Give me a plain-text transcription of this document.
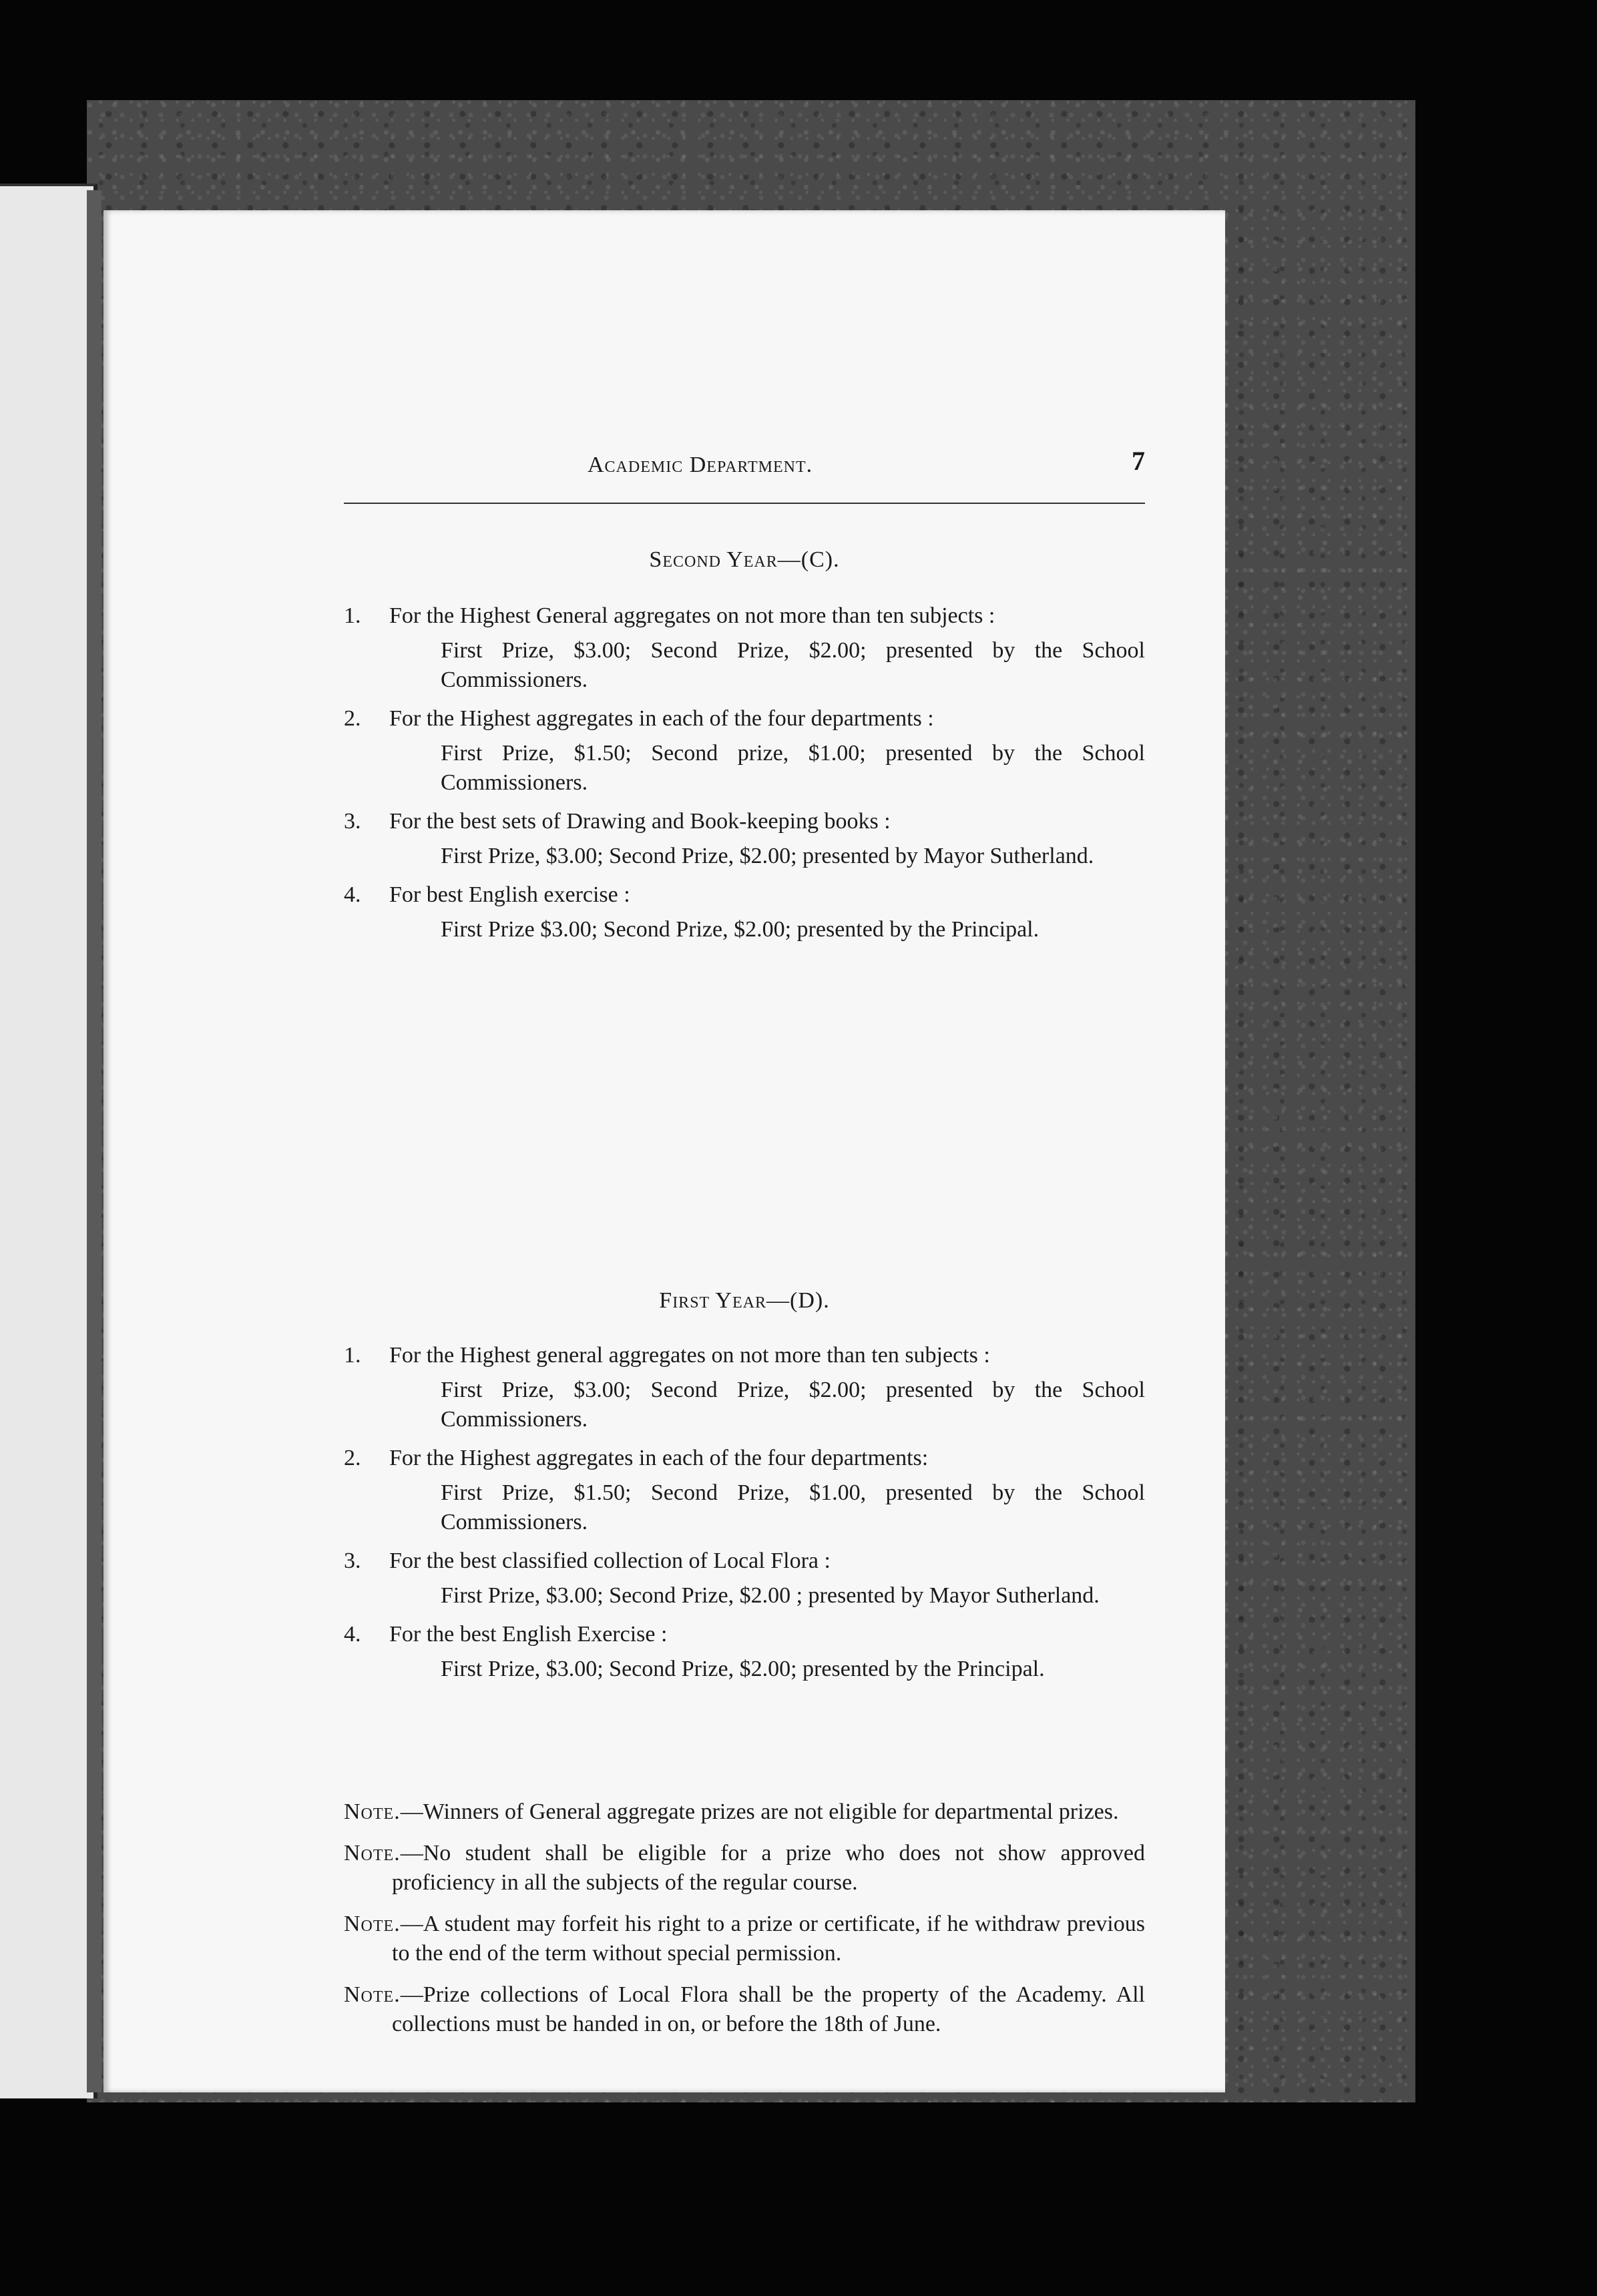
Academic Department.	7
Second Year—(C).
1.	For the Highest General aggregates on not more than ten subjects :
First Prize, $3.00; Second Prize, $2.00; presented by the School Commissioners.
2.	For the Highest aggregates in each of the four departments :
First Prize, $1.50; Second prize, $1.00; presented by the School Commissioners.
3.	For the best sets of Drawing and Book-keeping books :
First Prize, $3.00; Second Prize, $2.00; presented by Mayor Sutherland.
4.	For best English exercise :
First Prize $3.00; Second Prize, $2.00; presented by the Principal.
First Year—(D).
1.	For the Highest general aggregates on not more than ten subjects :
First Prize, $3.00; Second Prize, $2.00; presented by the School Commissioners.
2.	For the Highest aggregates in each of the four departments:
First Prize, $1.50; Second Prize, $1.00, presented by the School Commissioners.
3.	For the best classified collection of Local Flora :
First Prize, $3.00; Second Prize, $2.00 ; presented by Mayor Sutherland.
4.	For the best English Exercise :
First Prize, $3.00; Second Prize, $2.00; presented by the Principal.
Note.—Winners of General aggregate prizes are not eligible for departmental prizes.
Note.—No student shall be eligible for a prize who does not show approved proficiency in all the subjects of the regular course.
Note.—A student may forfeit his right to a prize or certificate, if he withdraw previous to the end of the term without special permission.
Note.—Prize collections of Local Flora shall be the property of the Academy. All collections must be handed in on, or before the 18th of June.
